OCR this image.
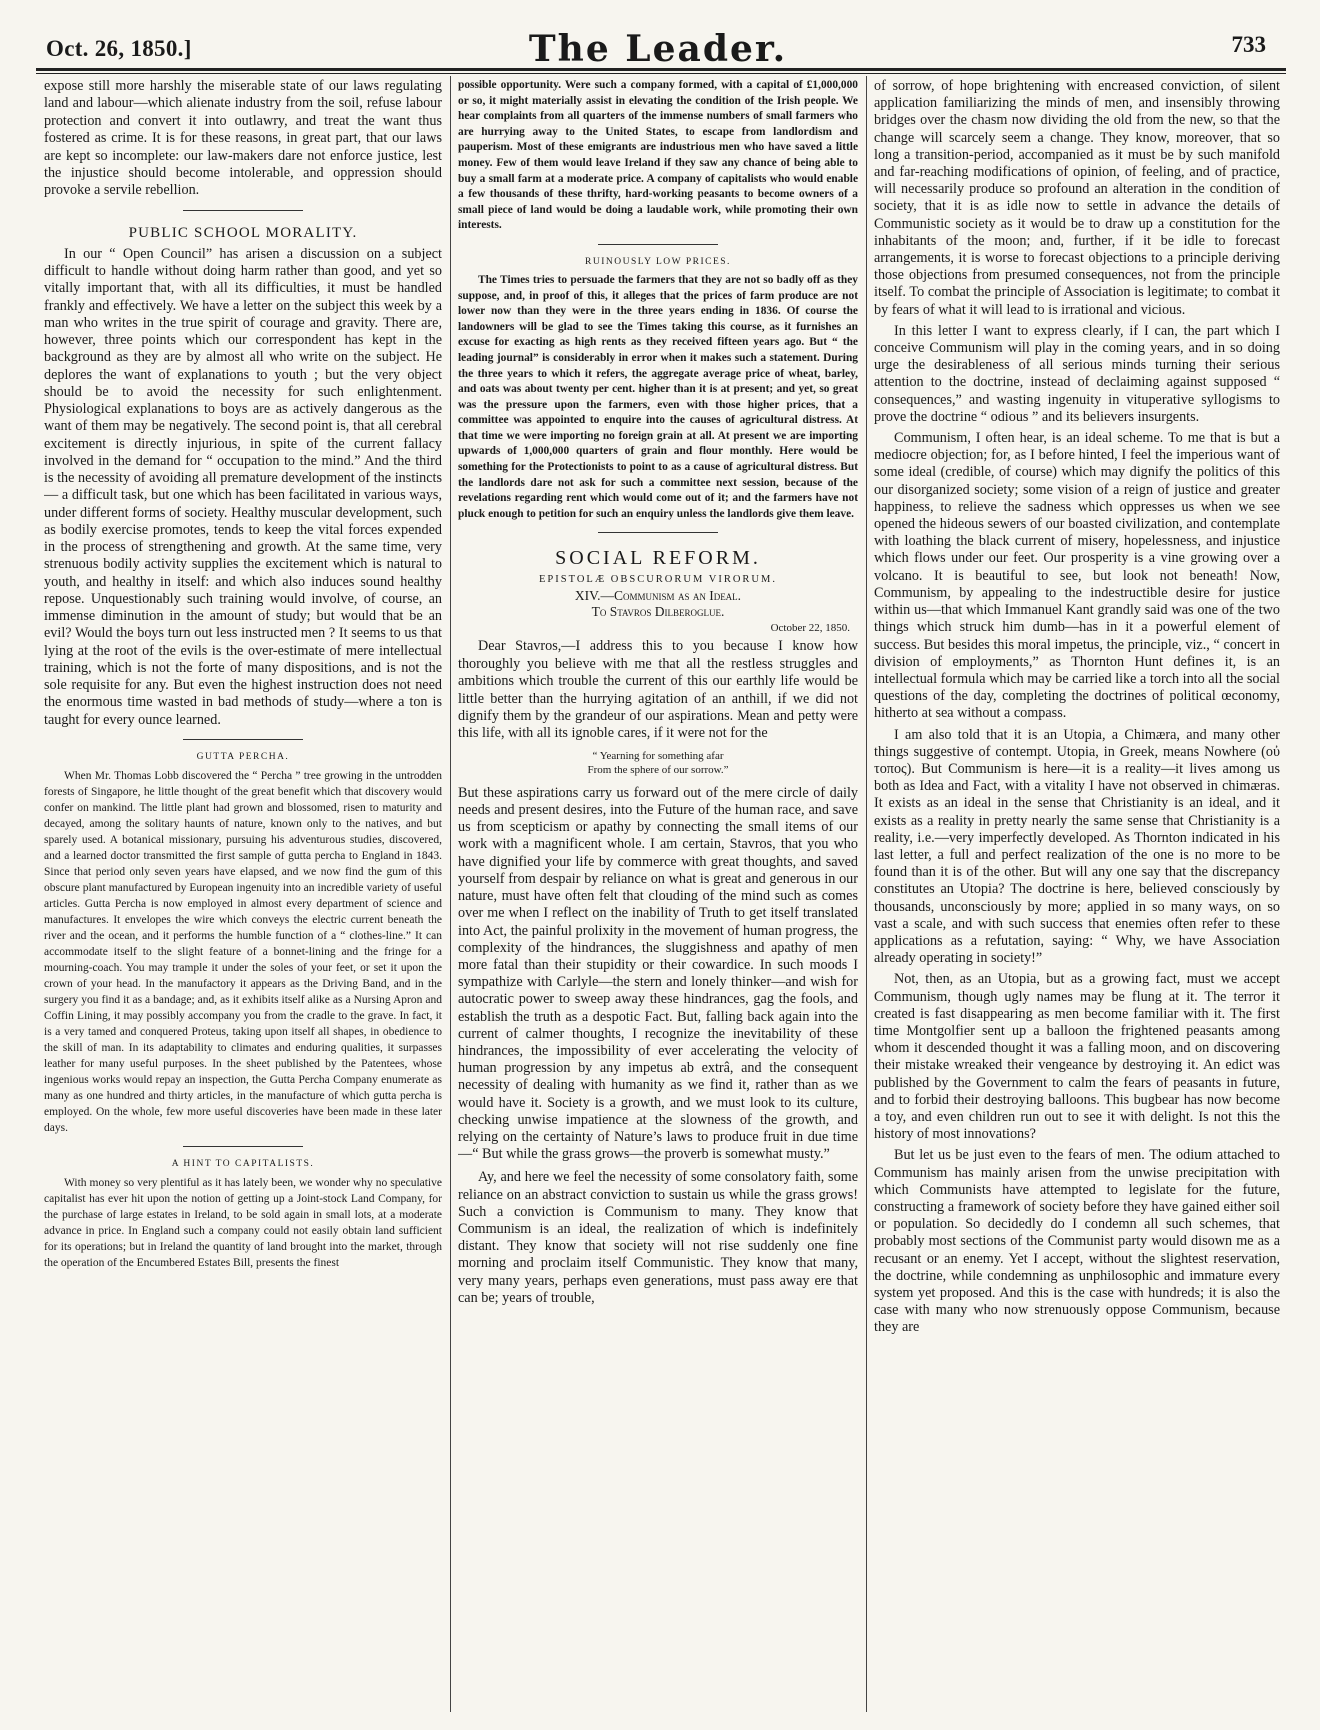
Oct. 26, 1850.]	The Leader.	733

expose still more harshly the miserable state of our laws regulating land and labour—which alienate industry from the soil, refuse labour protection and convert it into outlawry, and treat the want thus fostered as crime. It is for these reasons, in great part, that our laws are kept so incomplete: our law-makers dare not enforce justice, lest the injustice should become intolerable, and oppression should provoke a servile rebellion.

PUBLIC SCHOOL MORALITY.

In our “ Open Council” has arisen a discussion on a subject difficult to handle without doing harm rather than good, and yet so vitally important that, with all its difficulties, it must be handled frankly and effectively. We have a letter on the subject this week by a man who writes in the true spirit of courage and gravity. There are, however, three points which our correspondent has kept in the background as they are by almost all who write on the subject. He deplores the want of explanations to youth ; but the very object should be to avoid the necessity for such enlightenment. Physiological explanations to boys are as actively dangerous as the want of them may be negatively. The second point is, that all cerebral excitement is directly injurious, in spite of the current fallacy involved in the demand for “ occupation to the mind.” And the third is the necessity of avoiding all premature development of the instincts — a difficult task, but one which has been facilitated in various ways, under different forms of society. Healthy muscular development, such as bodily exercise promotes, tends to keep the vital forces expended in the process of strengthening and growth. At the same time, very strenuous bodily activity supplies the excitement which is natural to youth, and healthy in itself: and which also induces sound healthy repose. Unquestionably such training would involve, of course, an immense diminution in the amount of study; but would that be an evil? Would the boys turn out less instructed men ? It seems to us that lying at the root of the evils is the over-estimate of mere intellectual training, which is not the forte of many dispositions, and is not the sole requisite for any. But even the highest instruction does not need the enormous time wasted in bad methods of study—where a ton is taught for every ounce learned.

GUTTA PERCHA.

When Mr. Thomas Lobb discovered the “ Percha ” tree growing in the untrodden forests of Singapore, he little thought of the great benefit which that discovery would confer on mankind. The little plant had grown and blossomed, risen to maturity and decayed, among the solitary haunts of nature, known only to the natives, and but sparely used. A botanical missionary, pursuing his adventurous studies, discovered, and a learned doctor transmitted the first sample of gutta percha to England in 1843. Since that period only seven years have elapsed, and we now find the gum of this obscure plant manufactured by European ingenuity into an incredible variety of useful articles. Gutta Percha is now employed in almost every department of science and manufactures. It envelopes the wire which conveys the electric current beneath the river and the ocean, and it performs the humble function of a “ clothes-line.” It can accommodate itself to the slight feature of a bonnet-lining and the fringe for a mourning-coach. You may trample it under the soles of your feet, or set it upon the crown of your head. In the manufactory it appears as the Driving Band, and in the surgery you find it as a bandage; and, as it exhibits itself alike as a Nursing Apron and Coffin Lining, it may possibly accompany you from the cradle to the grave. In fact, it is a very tamed and conquered Proteus, taking upon itself all shapes, in obedience to the skill of man. In its adaptability to climates and enduring qualities, it surpasses leather for many useful purposes. In the sheet published by the Patentees, whose ingenious works would repay an inspection, the Gutta Percha Company enumerate as many as one hundred and thirty articles, in the manufacture of which gutta percha is employed. On the whole, few more useful discoveries have been made in these later days.

A HINT TO CAPITALISTS.

With money so very plentiful as it has lately been, we wonder why no speculative capitalist has ever hit upon the notion of getting up a Joint-stock Land Company, for the purchase of large estates in Ireland, to be sold again in small lots, at a moderate advance in price. In England such a company could not easily obtain land sufficient for its operations; but in Ireland the quantity of land brought into the market, through the operation of the Encumbered Estates Bill, presents the finest

possible opportunity. Were such a company formed, with a capital of £1,000,000 or so, it might materially assist in elevating the condition of the Irish people. We hear complaints from all quarters of the immense numbers of small farmers who are hurrying away to the United States, to escape from landlordism and pauperism. Most of these emigrants are industrious men who have saved a little money. Few of them would leave Ireland if they saw any chance of being able to buy a small farm at a moderate price. A company of capitalists who would enable a few thousands of these thrifty, hard-working peasants to become owners of a small piece of land would be doing a laudable work, while promoting their own interests.

RUINOUSLY LOW PRICES.

The Times tries to persuade the farmers that they are not so badly off as they suppose, and, in proof of this, it alleges that the prices of farm produce are not lower now than they were in the three years ending in 1836. Of course the landowners will be glad to see the Times taking this course, as it furnishes an excuse for exacting as high rents as they received fifteen years ago. But “ the leading journal” is considerably in error when it makes such a statement. During the three years to which it refers, the aggregate average price of wheat, barley, and oats was about twenty per cent. higher than it is at present; and yet, so great was the pressure upon the farmers, even with those higher prices, that a committee was appointed to enquire into the causes of agricultural distress. At that time we were importing no foreign grain at all. At present we are importing upwards of 1,000,000 quarters of grain and flour monthly. Here would be something for the Protectionists to point to as a cause of agricultural distress. But the landlords dare not ask for such a committee next session, because of the revelations regarding rent which would come out of it; and the farmers have not pluck enough to petition for such an enquiry unless the landlords give them leave.

SOCIAL REFORM.
EPISTOLÆ OBSCURORUM VIRORUM.
XIV.—Communism as an Ideal.
To Stavros Dilberoglue.
October 22, 1850.

Dear Stavros,—I address this to you because I know how thoroughly you believe with me that all the restless struggles and ambitions which trouble the current of this our earthly life would be little better than the hurrying agitation of an anthill, if we did not dignify them by the grandeur of our aspirations. Mean and petty were this life, with all its ignoble cares, if it were not for the

“ Yearning for something afar
From the sphere of our sorrow.”

But these aspirations carry us forward out of the mere circle of daily needs and present desires, into the Future of the human race, and save us from scepticism or apathy by connecting the small items of our work with a magnificent whole. I am certain, Stavros, that you who have dignified your life by commerce with great thoughts, and saved yourself from despair by reliance on what is great and generous in our nature, must have often felt that clouding of the mind such as comes over me when I reflect on the inability of Truth to get itself translated into Act, the painful prolixity in the movement of human progress, the complexity of the hindrances, the sluggishness and apathy of men more fatal than their stupidity or their cowardice. In such moods I sympathize with Carlyle—the stern and lonely thinker—and wish for autocratic power to sweep away these hindrances, gag the fools, and establish the truth as a despotic Fact. But, falling back again into the current of calmer thoughts, I recognize the inevitability of these hindrances, the impossibility of ever accelerating the velocity of human progression by any impetus ab extrâ, and the consequent necessity of dealing with humanity as we find it, rather than as we would have it. Society is a growth, and we must look to its culture, checking unwise impatience at the slowness of the growth, and relying on the certainty of Nature’s laws to produce fruit in due time—“ But while the grass grows—the proverb is somewhat musty.”

Ay, and here we feel the necessity of some consolatory faith, some reliance on an abstract conviction to sustain us while the grass grows! Such a conviction is Communism to many. They know that Communism is an ideal, the realization of which is indefinitely distant. They know that society will not rise suddenly one fine morning and proclaim itself Communistic. They know that many, very many years, perhaps even generations, must pass away ere that can be; years of trouble,

of sorrow, of hope brightening with encreased conviction, of silent application familiarizing the minds of men, and insensibly throwing bridges over the chasm now dividing the old from the new, so that the change will scarcely seem a change. They know, moreover, that so long a transition-period, accompanied as it must be by such manifold and far-reaching modifications of opinion, of feeling, and of practice, will necessarily produce so profound an alteration in the condition of society, that it is as idle now to settle in advance the details of Communistic society as it would be to draw up a constitution for the inhabitants of the moon; and, further, if it be idle to forecast arrangements, it is worse to forecast objections to a principle deriving those objections from presumed consequences, not from the principle itself. To combat the principle of Association is legitimate; to combat it by fears of what it will lead to is irrational and vicious.

In this letter I want to express clearly, if I can, the part which I conceive Communism will play in the coming years, and in so doing urge the desirableness of all serious minds turning their serious attention to the doctrine, instead of declaiming against supposed “ consequences,” and wasting ingenuity in vituperative syllogisms to prove the doctrine “ odious ” and its believers insurgents.

Communism, I often hear, is an ideal scheme. To me that is but a mediocre objection; for, as I before hinted, I feel the imperious want of some ideal (credible, of course) which may dignify the politics of this our disorganized society; some vision of a reign of justice and greater happiness, to relieve the sadness which oppresses us when we see opened the hideous sewers of our boasted civilization, and contemplate with loathing the black current of misery, hopelessness, and injustice which flows under our feet. Our prosperity is a vine growing over a volcano. It is beautiful to see, but look not beneath! Now, Communism, by appealing to the indestructible desire for justice within us—that which Immanuel Kant grandly said was one of the two things which struck him dumb—has in it a powerful element of success. But besides this moral impetus, the principle, viz., “ concert in division of employments,” as Thornton Hunt defines it, is an intellectual formula which may be carried like a torch into all the social questions of the day, completing the doctrines of political œconomy, hitherto at sea without a compass.

I am also told that it is an Utopia, a Chimæra, and many other things suggestive of contempt. Utopia, in Greek, means Nowhere (οὐ τοπος). But Communism is here—it is a reality—it lives among us both as Idea and Fact, with a vitality I have not observed in chimæras. It exists as an ideal in the sense that Christianity is an ideal, and it exists as a reality in pretty nearly the same sense that Christianity is a reality, i.e.—very imperfectly developed. As Thornton indicated in his last letter, a full and perfect realization of the one is no more to be found than it is of the other. But will any one say that the discrepancy constitutes an Utopia? The doctrine is here, believed consciously by thousands, unconsciously by more; applied in so many ways, on so vast a scale, and with such success that enemies often refer to these applications as a refutation, saying: “ Why, we have Association already operating in society!”

Not, then, as an Utopia, but as a growing fact, must we accept Communism, though ugly names may be flung at it. The terror it created is fast disappearing as men become familiar with it. The first time Montgolfier sent up a balloon the frightened peasants among whom it descended thought it was a falling moon, and on discovering their mistake wreaked their vengeance by destroying it. An edict was published by the Government to calm the fears of peasants in future, and to forbid their destroying balloons. This bugbear has now become a toy, and even children run out to see it with delight. Is not this the history of most innovations?

But let us be just even to the fears of men. The odium attached to Communism has mainly arisen from the unwise precipitation with which Communists have attempted to legislate for the future, constructing a framework of society before they have gained either soil or population. So decidedly do I condemn all such schemes, that probably most sections of the Communist party would disown me as a recusant or an enemy. Yet I accept, without the slightest reservation, the doctrine, while condemning as unphilosophic and immature every system yet proposed. And this is the case with hundreds; it is also the case with many who now strenuously oppose Communism, because they are
